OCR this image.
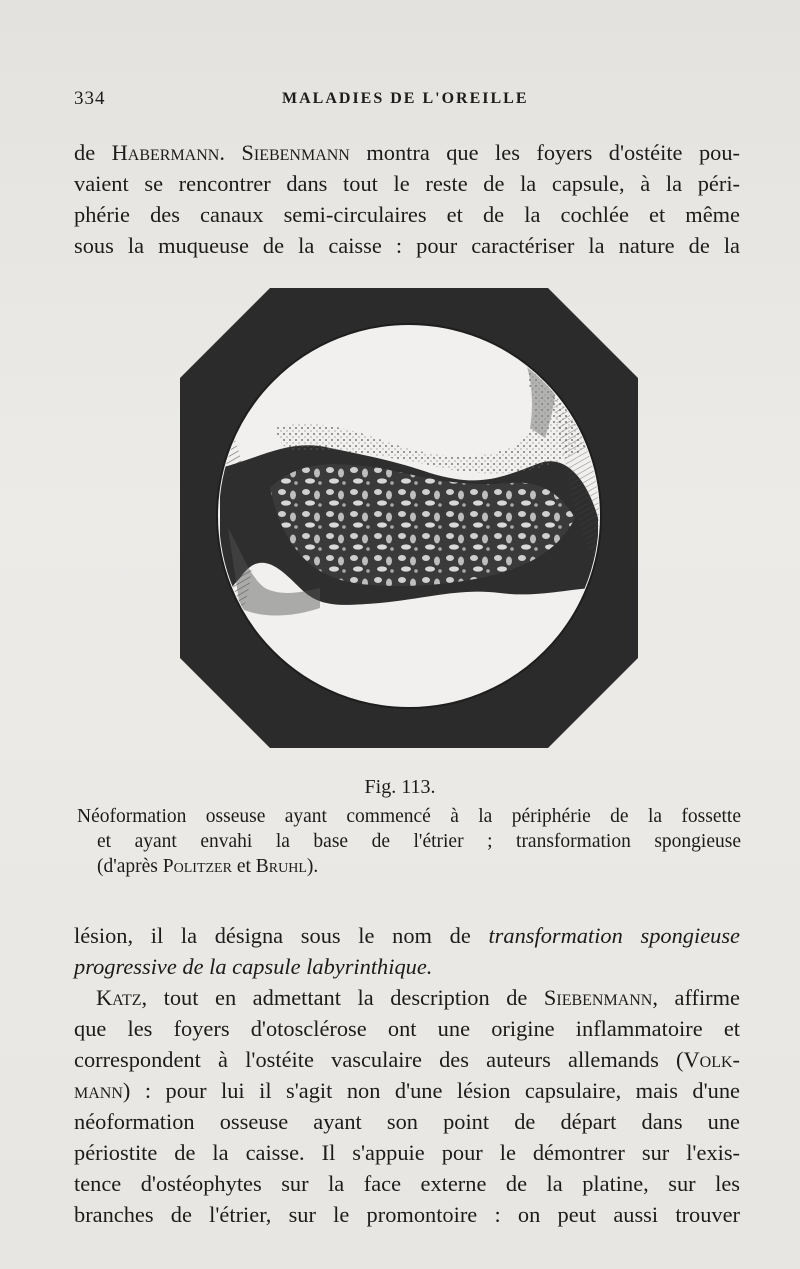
334	MALADIES DE L'OREILLE
de Habermann. Siebenmann montra que les foyers d'ostéite pou-
vaient se rencontrer dans tout le reste de la capsule, à la péri-
phérie des canaux semi-circulaires et de la cochlée et même
sous la muqueuse de la caisse : pour caractériser la nature de la
Fig. 113.
Néoformation osseuse ayant commencé à la périphérie de la fossette
et ayant envahi la base de l'étrier ; transformation spongieuse
(d'après Politzer et Bruhl).
lésion, il la désigna sous le nom de transformation spongieuse
progressive de la capsule labyrinthique.
Katz, tout en admettant la description de Siebenmann, affirme
que les foyers d'otosclérose ont une origine inflammatoire et
correspondent à l'ostéite vasculaire des auteurs allemands (Volk-
mann) : pour lui il s'agit non d'une lésion capsulaire, mais d'une
néoformation osseuse ayant son point de départ dans une
périostite de la caisse. Il s'appuie pour le démontrer sur l'exis-
tence d'ostéophytes sur la face externe de la platine, sur les
branches de l'étrier, sur le promontoire : on peut aussi trouver
